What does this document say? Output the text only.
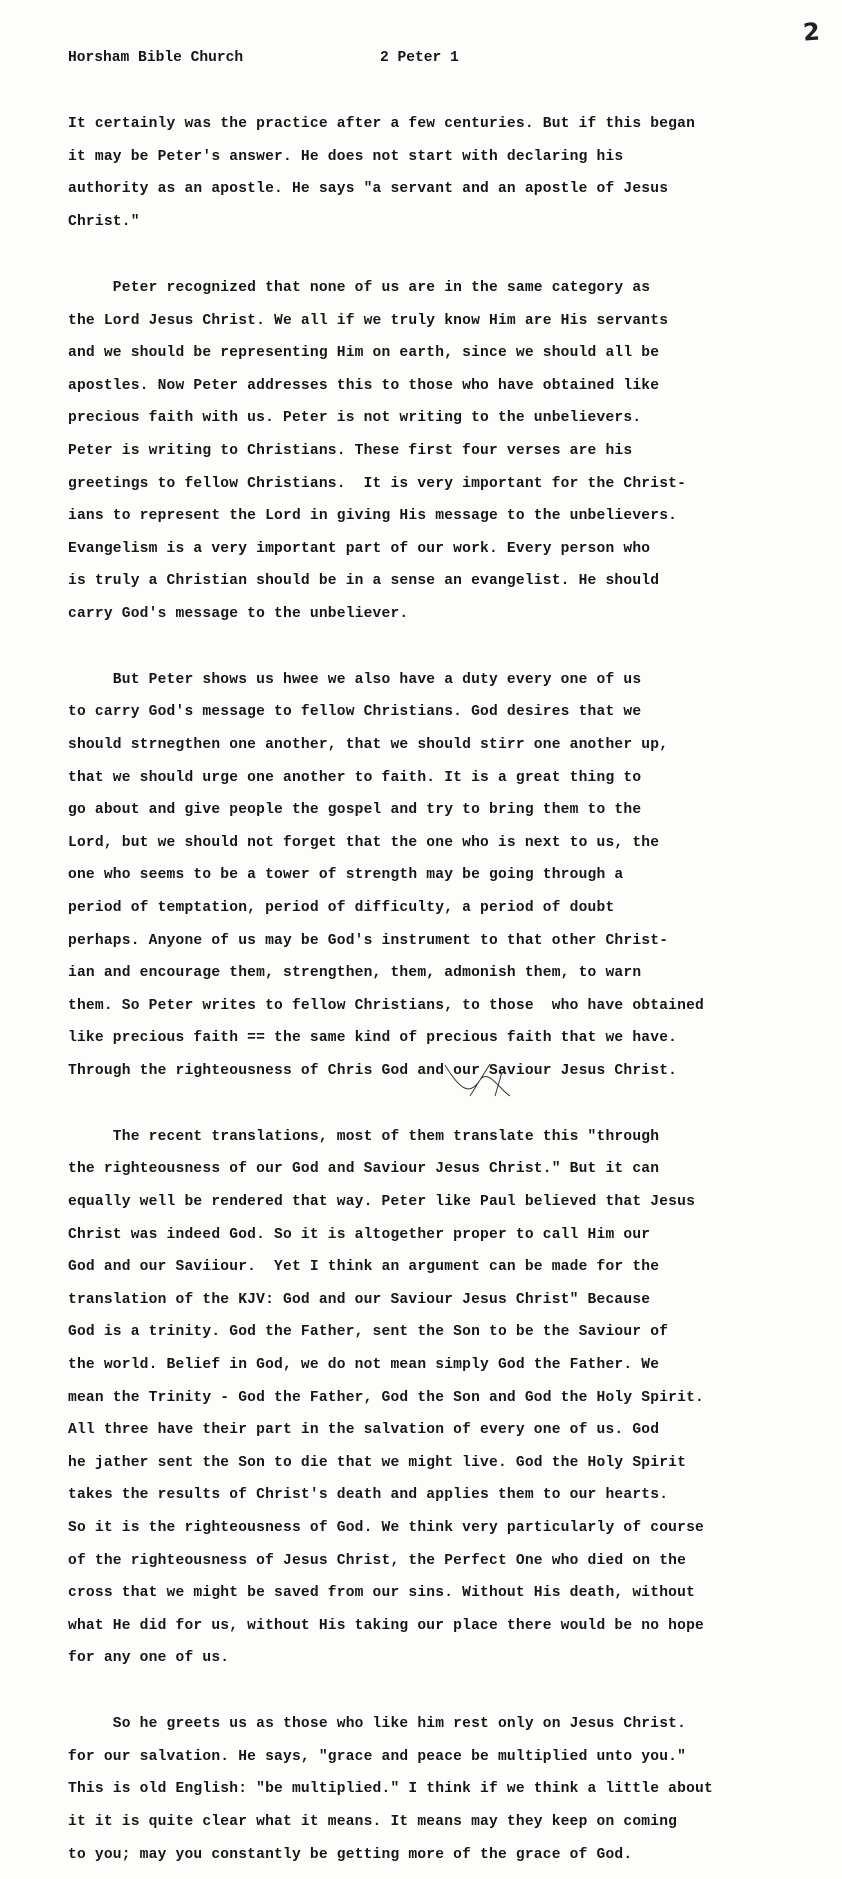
2

Horsham Bible Church

	2 Peter 1

It certainly was the practice after a few centuries. But if this began

it may be Peter's answer. He does not start with declaring his

authority as an apostle. He says "a servant and an apostle of Jesus

Christ."

Peter recognized that none of us are in the same category as

the Lord Jesus Christ. We all if we truly know Him are His servants

and we should be representing Him on earth, since we should all be

apostles. Now Peter addresses this to those who have obtained like

precious faith with us. Peter is not writing to the unbelievers.

Peter is writing to Christians. These first four verses are his

greetings to fellow Christians.  It is very important for the Christ-

ians to represent the Lord in giving His message to the unbelievers.

Evangelism is a very important part of our work. Every person who

is truly a Christian should be in a sense an evangelist. He should

carry God's message to the unbeliever.

But Peter shows us hwee we also have a duty every one of us

to carry God's message to fellow Christians. God desires that we

should strnegthen one another, that we should stirr one another up,

that we should urge one another to faith. It is a great thing to

go about and give people the gospel and try to bring them to the

Lord, but we should not forget that the one who is next to us, the

one who seems to be a tower of strength may be going through a

period of temptation, period of difficulty, a period of doubt

perhaps. Anyone of us may be God's instrument to that other Christ-

ian and encourage them, strengthen, them, admonish them, to warn

them. So Peter writes to fellow Christians, to those  who have obtained

like precious faith == the same kind of precious faith that we have.

Through the righteousness of Chris God and our Saviour Jesus Christ.

The recent translations, most of them translate this "through

the righteousness of our God and Saviour Jesus Christ." But it can

equally well be rendered that way. Peter like Paul believed that Jesus

Christ was indeed God. So it is altogether proper to call Him our

God and our Saviiour.  Yet I think an argument can be made for the

translation of the KJV: God and our Saviour Jesus Christ" Because

God is a trinity. God the Father, sent the Son to be the Saviour of

the world. Belief in God, we do not mean simply God the Father. We

mean the Trinity - God the Father, God the Son and God the Holy Spirit.

All three have their part in the salvation of every one of us. God

he jather sent the Son to die that we might live. God the Holy Spirit

takes the results of Christ's death and applies them to our hearts.

So it is the righteousness of God. We think very particularly of course

of the righteousness of Jesus Christ, the Perfect One who died on the

cross that we might be saved from our sins. Without His death, without

what He did for us, without His taking our place there would be no hope

for any one of us.

So he greets us as those who like him rest only on Jesus Christ.

for our salvation. He says, "grace and peace be multiplied unto you."

This is old English: "be multiplied." I think if we think a little about

it it is quite clear what it means. It means may they keep on coming

to you; may you constantly be getting more of the grace of God.
